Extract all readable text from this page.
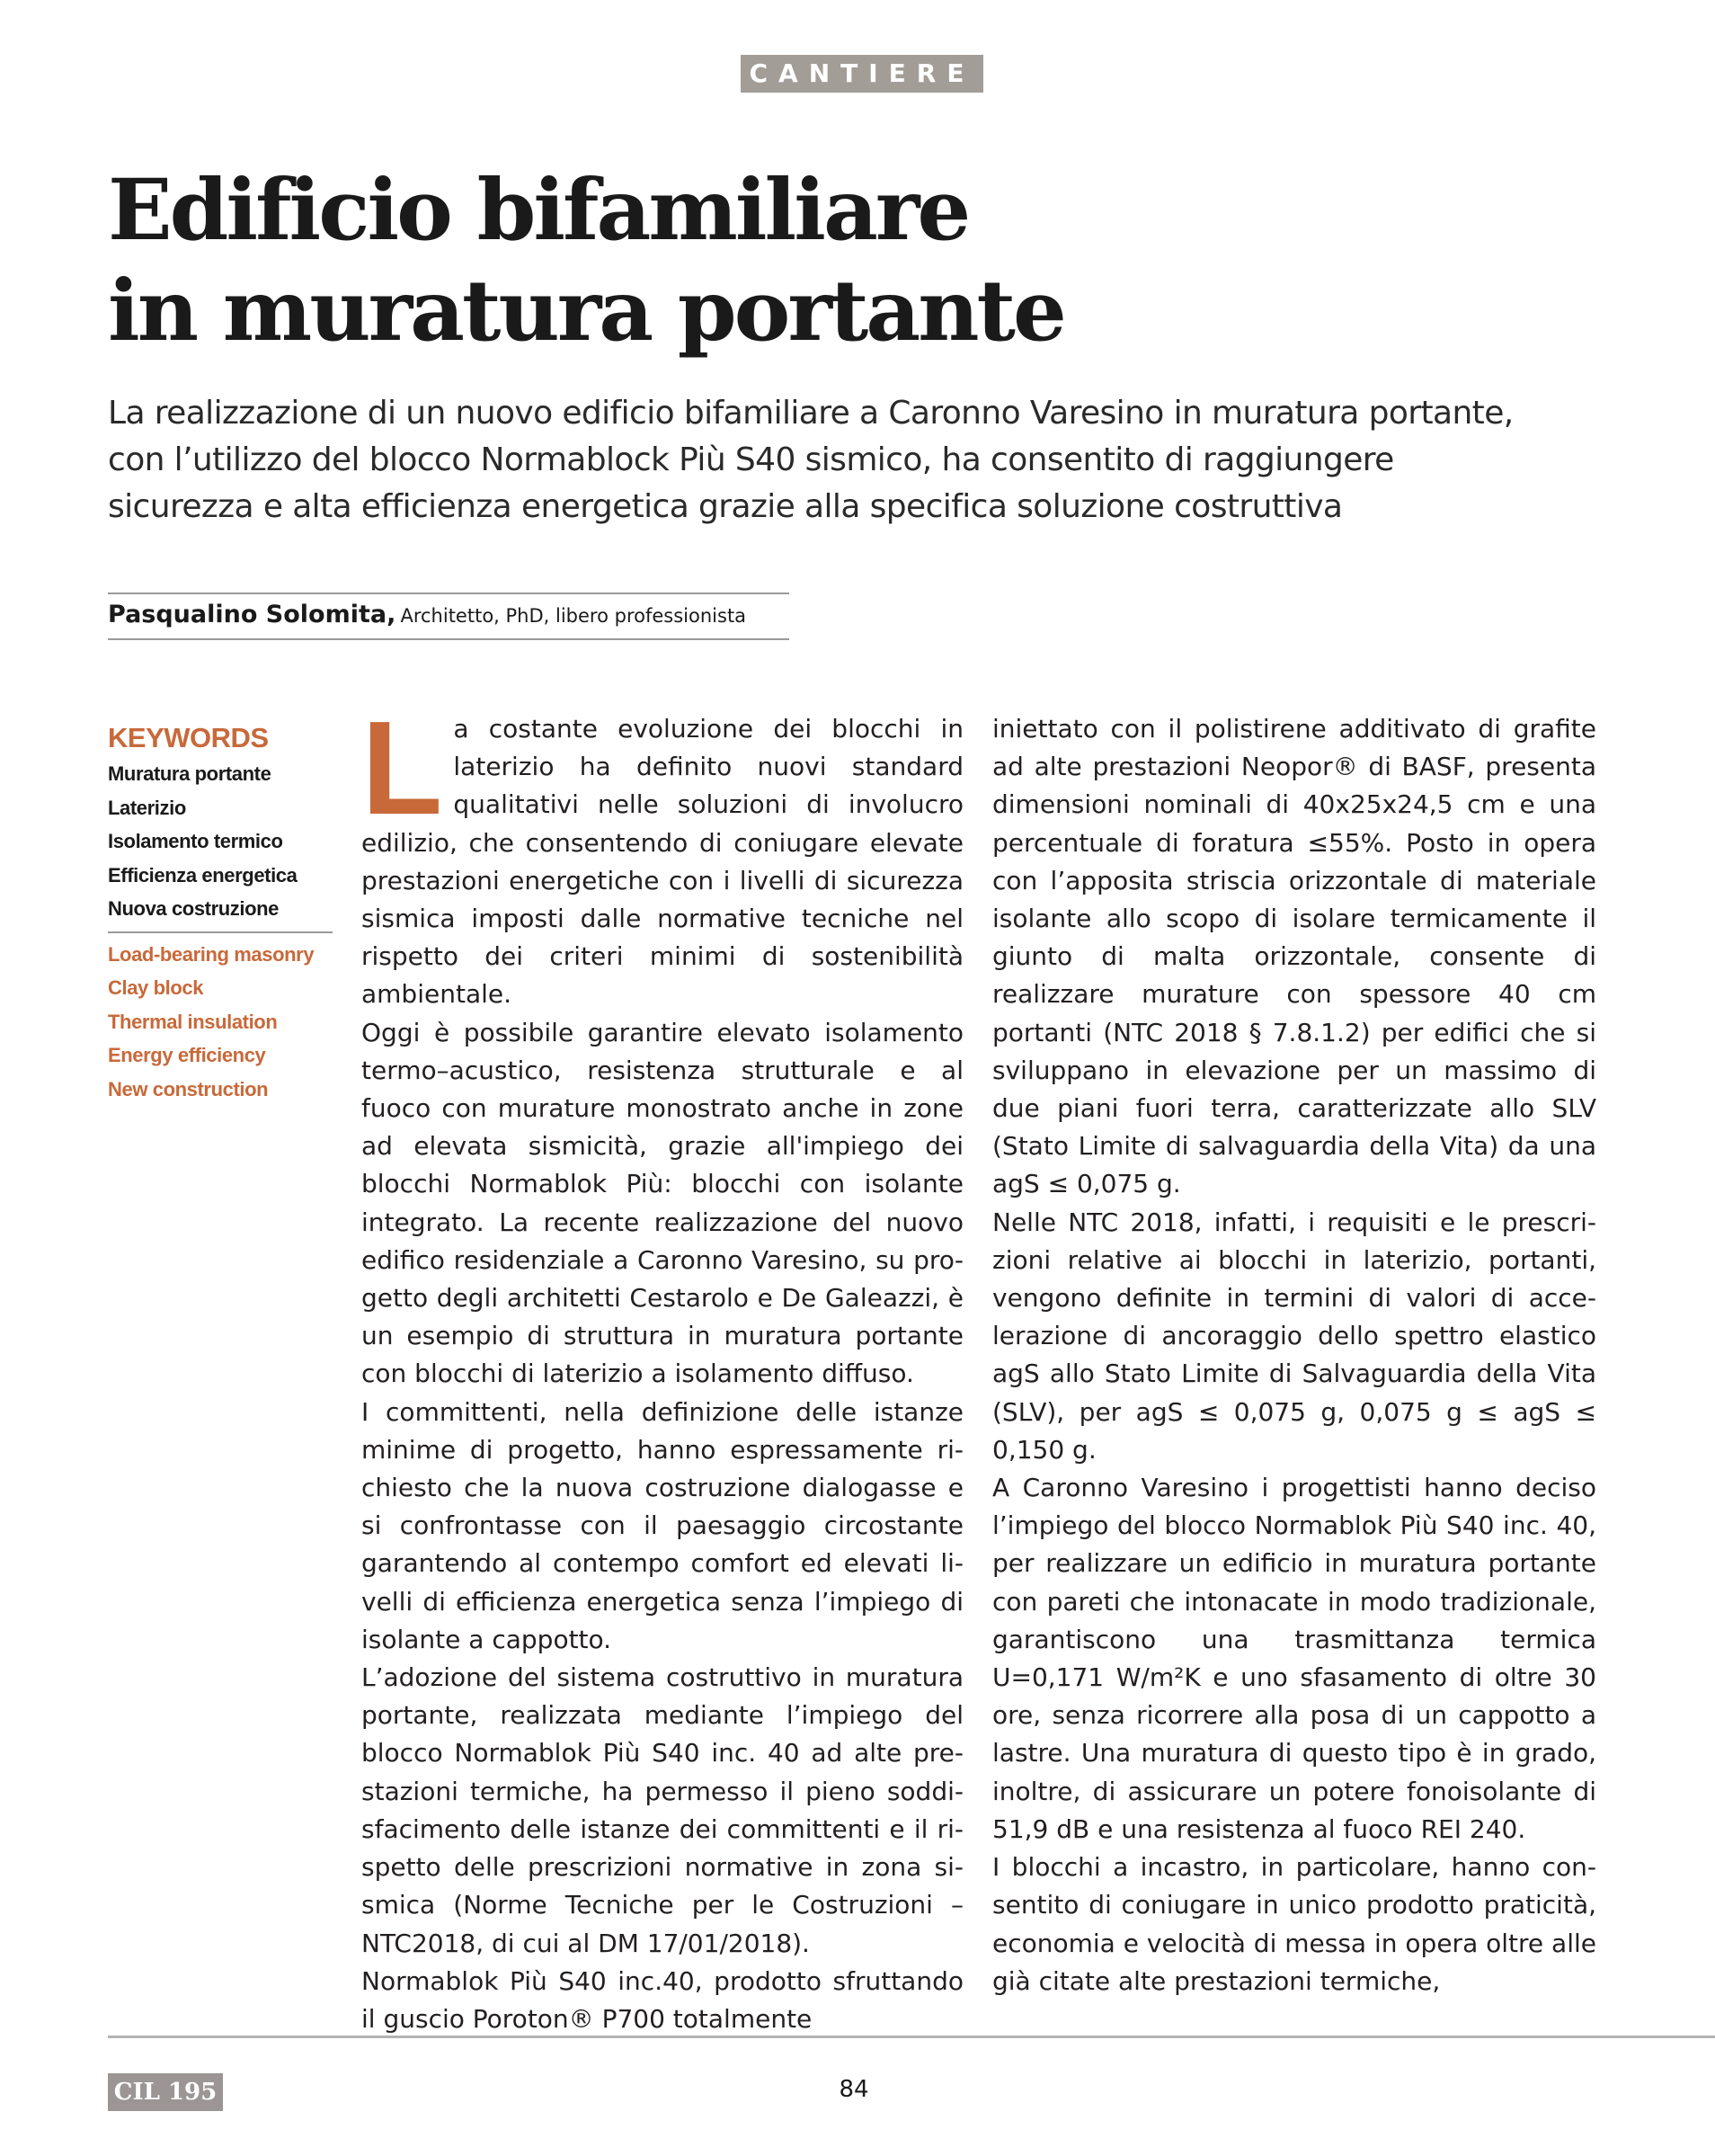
CANTIERE
Edificio bifamiliare
in muratura portante
La realizzazione di un nuovo edificio bifamiliare a Caronno Varesino in muratura portante,
con l’utilizzo del blocco Normablock Più S40 sismico, ha consentito di raggiungere
sicurezza e alta efficienza energetica grazie alla specifica soluzione costruttiva
Pasqualino Solomita, Architetto, PhD, libero professionista
KEYWORDS
Muratura portante
Laterizio
Isolamento termico
Efficienza energetica
Nuova costruzione
Load-bearing masonry
Clay block
Thermal insulation
Energy efficiency
New construction
L a costante evoluzione dei blocchi in laterizio ha definito nuovi standard qualitativi nelle soluzioni di involucro edilizio, che consentendo di coniugare elevate prestazioni energetiche con i livelli di sicurezza sismica imposti dalle normative tecniche nel rispetto dei criteri minimi di sostenibilità ambientale.

Oggi è possibile garantire elevato isolamento termo–acustico, resistenza strutturale e al fuoco con murature monostrato anche in zone ad elevata sismicità, grazie all'impiego dei blocchi Normablok Più: blocchi con isolante integrato. La recente realizzazione del nuovo edifico residenziale a Caronno Varesino, su progetto degli architetti Cestarolo e De Galeazzi, è un esempio di struttura in muratura portante con blocchi di laterizio a isolamento diffuso.

I committenti, nella definizione delle istanze minime di progetto, hanno espressamente richiesto che la nuova costruzione dialogasse e si confrontasse con il paesaggio circostante garantendo al contempo comfort ed elevati livelli di efficienza energetica senza l’impiego di isolante a cappotto.

L’adozione del sistema costruttivo in muratura portante, realizzata mediante l’impiego del blocco Normablok Più S40 inc. 40 ad alte prestazioni termiche, ha permesso il pieno soddisfacimento delle istanze dei committenti e il rispetto delle prescrizioni normative in zona sismica (Norme Tecniche per le Costruzioni – NTC2018, di cui al DM 17/01/2018).

Normablok Più S40 inc.40, prodotto sfruttando il guscio Poroton® P700 totalmente

iniettato con il polistirene additivato di grafite ad alte prestazioni Neopor® di BASF, presenta dimensioni nominali di 40x25x24,5 cm e una percentuale di foratura ≤55%. Posto in opera con l’apposita striscia orizzontale di materiale isolante allo scopo di isolare termicamente il giunto di malta orizzontale, consente di realizzare murature con spessore 40 cm portanti (NTC 2018 § 7.8.1.2) per edifici che si sviluppano in elevazione per un massimo di due piani fuori terra, caratterizzate allo SLV (Stato Limite di salvaguardia della Vita) da una agS ≤ 0,075 g.

Nelle NTC 2018, infatti, i requisiti e le prescrizioni relative ai blocchi in laterizio, portanti, vengono definite in termini di valori di accelerazione di ancoraggio dello spettro elastico agS allo Stato Limite di Salvaguardia della Vita (SLV), per agS ≤ 0,075 g, 0,075 g ≤ agS ≤ 0,150 g.

A Caronno Varesino i progettisti hanno deciso l’impiego del blocco Normablok Più S40 inc. 40, per realizzare un edificio in muratura portante con pareti che intonacate in modo tradizionale, garantiscono una trasmittanza termica U=0,171 W/m²K e uno sfasamento di oltre 30 ore, senza ricorrere alla posa di un cappotto a lastre. Una muratura di questo tipo è in grado, inoltre, di assicurare un potere fonoisolante di 51,9 dB e una resistenza al fuoco REI 240.

I blocchi a incastro, in particolare, hanno consentito di coniugare in unico prodotto praticità, economia e velocità di messa in opera oltre alle già citate alte prestazioni termiche,

CIL 195	84
